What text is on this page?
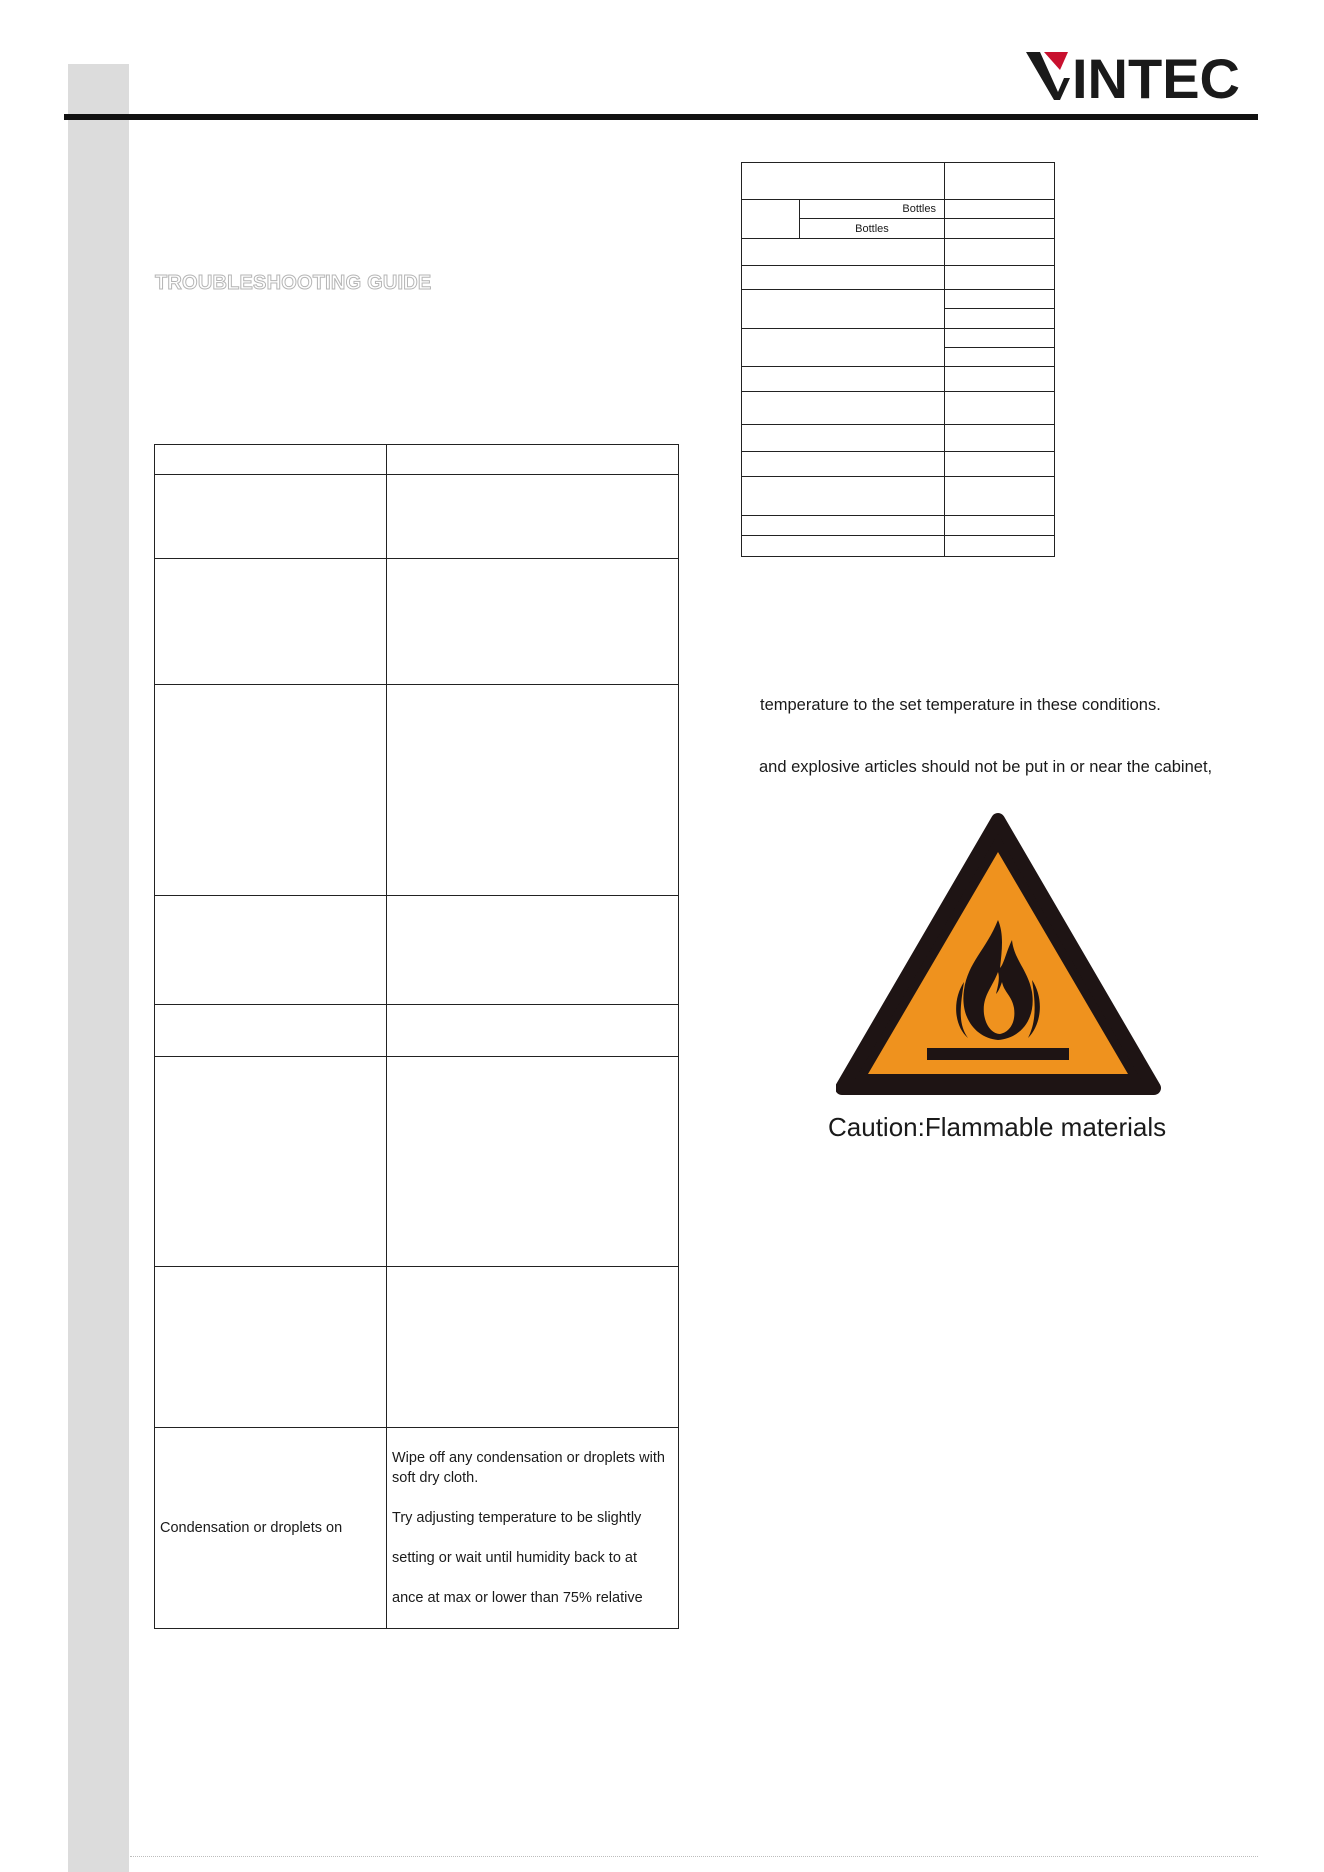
INTEC
TROUBLESHOOTING GUIDE

Condensation or droplets on	Wipe off any condensation or droplets with soft dry cloth.
Try adjusting temperature to be slightly
setting or wait until humidity back to at
ance at max or lower than 75% relative

	Bottles	
	Bottles	

temperature to the set temperature in these conditions.
and explosive articles should not be put in or near the cabinet,
Caution:Flammable materials
